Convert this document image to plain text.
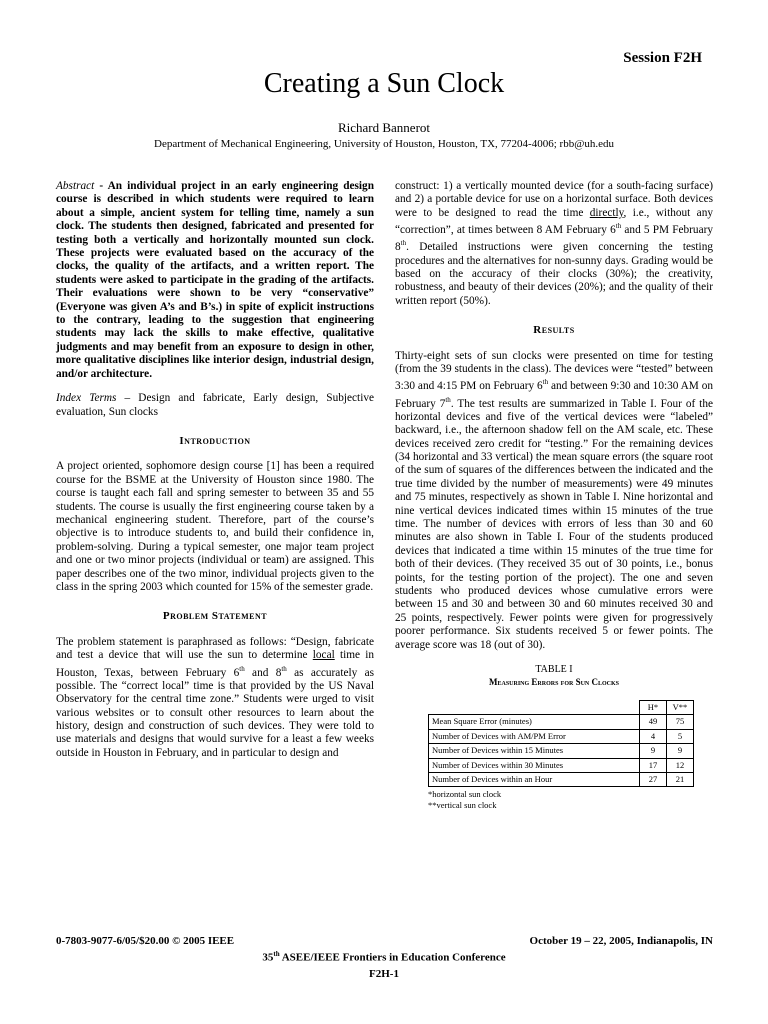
Session F2H
Creating a Sun Clock
Richard Bannerot
Department of Mechanical Engineering, University of Houston, Houston, TX, 77204-4006; rbb@uh.edu

Abstract - An individual project in an early engineering design course is described in which students were required to learn about a simple, ancient system for telling time, namely a sun clock. The students then designed, fabricated and presented for testing both a vertically and horizontally mounted sun clock. These projects were evaluated based on the accuracy of the clocks, the quality of the artifacts, and a written report. The students were asked to participate in the grading of the artifacts. Their evaluations were shown to be very “conservative” (Everyone was given A’s and B’s.) in spite of explicit instructions to the contrary, leading to the suggestion that engineering students may lack the skills to make effective, qualitative judgments and may benefit from an exposure to design in other, more qualitative disciplines like interior design, industrial design, and/or architecture.

Index Terms – Design and fabricate, Early design, Subjective evaluation, Sun clocks

Introduction

A project oriented, sophomore design course [1] has been a required course for the BSME at the University of Houston since 1980. The course is taught each fall and spring semester to between 35 and 55 students. The course is usually the first engineering course taken by a mechanical engineering student. Therefore, part of the course’s objective is to introduce students to, and build their confidence in, problem-solving. During a typical semester, one major team project and one or two minor projects (individual or team) are assigned. This paper describes one of the two minor, individual projects given to the class in the spring 2003 which counted for 15% of the semester grade.

Problem Statement

The problem statement is paraphrased as follows: “Design, fabricate and test a device that will use the sun to determine local time in Houston, Texas, between February 6th and 8th as accurately as possible. The “correct local” time is that provided by the US Naval Observatory for the central time zone.” Students were urged to visit various websites or to consult other resources to learn about the history, design and construction of such devices. They were told to use materials and designs that would survive for a least a few weeks outside in Houston in February, and in particular to design and

construct: 1) a vertically mounted device (for a south-facing surface) and 2) a portable device for use on a horizontal surface. Both devices were to be designed to read the time directly, i.e., without any “correction”, at times between 8 AM February 6th and 5 PM February 8th. Detailed instructions were given concerning the testing procedures and the alternatives for non-sunny days. Grading would be based on the accuracy of their clocks (30%); the creativity, robustness, and beauty of their devices (20%); and the quality of their written report (50%).

Results

Thirty-eight sets of sun clocks were presented on time for testing (from the 39 students in the class). The devices were “tested” between 3:30 and 4:15 PM on February 6th and between 9:30 and 10:30 AM on February 7th. The test results are summarized in Table I. Four of the horizontal devices and five of the vertical devices were “labeled” backward, i.e., the afternoon shadow fell on the AM scale, etc. These devices received zero credit for “testing.” For the remaining devices (34 horizontal and 33 vertical) the mean square errors (the square root of the sum of squares of the differences between the indicated and the true time divided by the number of measurements) were 49 minutes and 75 minutes, respectively as shown in Table I. Nine horizontal and nine vertical devices indicated times within 15 minutes of the true time. The number of devices with errors of less than 30 and 60 minutes are also shown in Table I. Four of the students produced devices that indicated a time within 15 minutes of the true time for both of their devices. (They received 35 out of 30 points, i.e., bonus points, for the testing portion of the project). The one and seven students who produced devices whose cumulative errors were between 15 and 30 and between 30 and 60 minutes received 30 and 25 points, respectively. Fewer points were given for progressively poorer performance. Six students received 5 or fewer points. The average score was 18 (out of 30).

TABLE I
Measuring Errors for Sun Clocks
	H*	V**
Mean Square Error (minutes)	49	75
Number of Devices with AM/PM Error	4	5
Number of Devices within 15 Minutes	9	9
Number of Devices within 30 Minutes	17	12
Number of Devices within an Hour	27	21
*horizontal sun clock
**vertical sun clock
0-7803-9077-6/05/$20.00 © 2005 IEEE	October 19 – 22, 2005, Indianapolis, IN
35th ASEE/IEEE Frontiers in Education Conference
F2H-1
